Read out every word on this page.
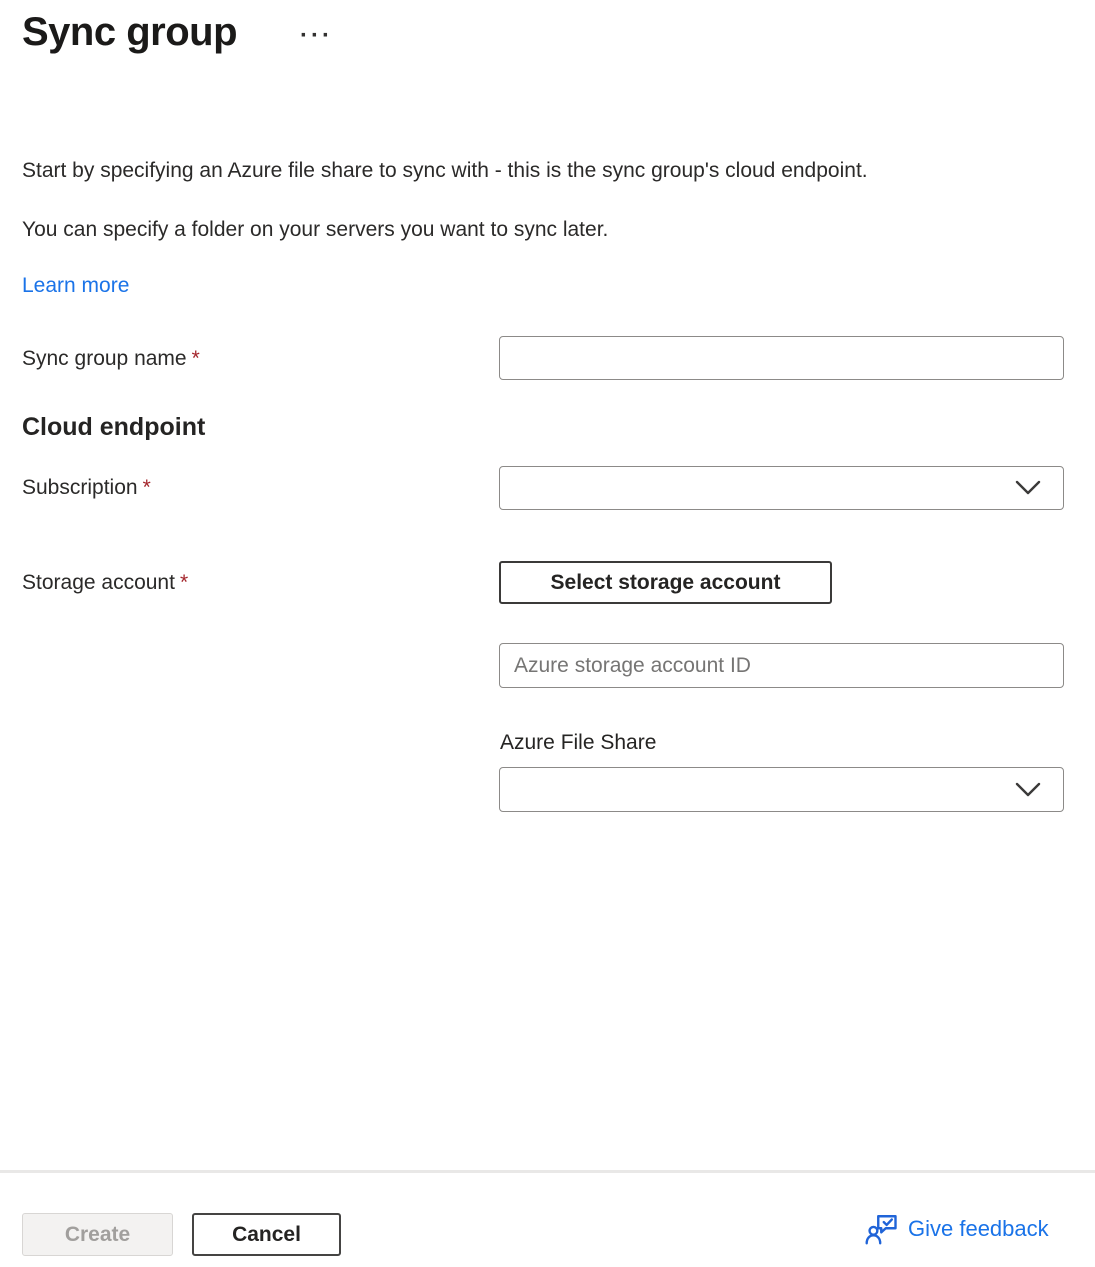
Sync group	···

Start by specifying an Azure file share to sync with - this is the sync group's cloud endpoint.

You can specify a folder on your servers you want to sync later.

Learn more
Sync group name *
Cloud endpoint
Subscription *
Storage account *	Select storage account
Azure storage account ID
Azure File Share
Create	Cancel	Give feedback
